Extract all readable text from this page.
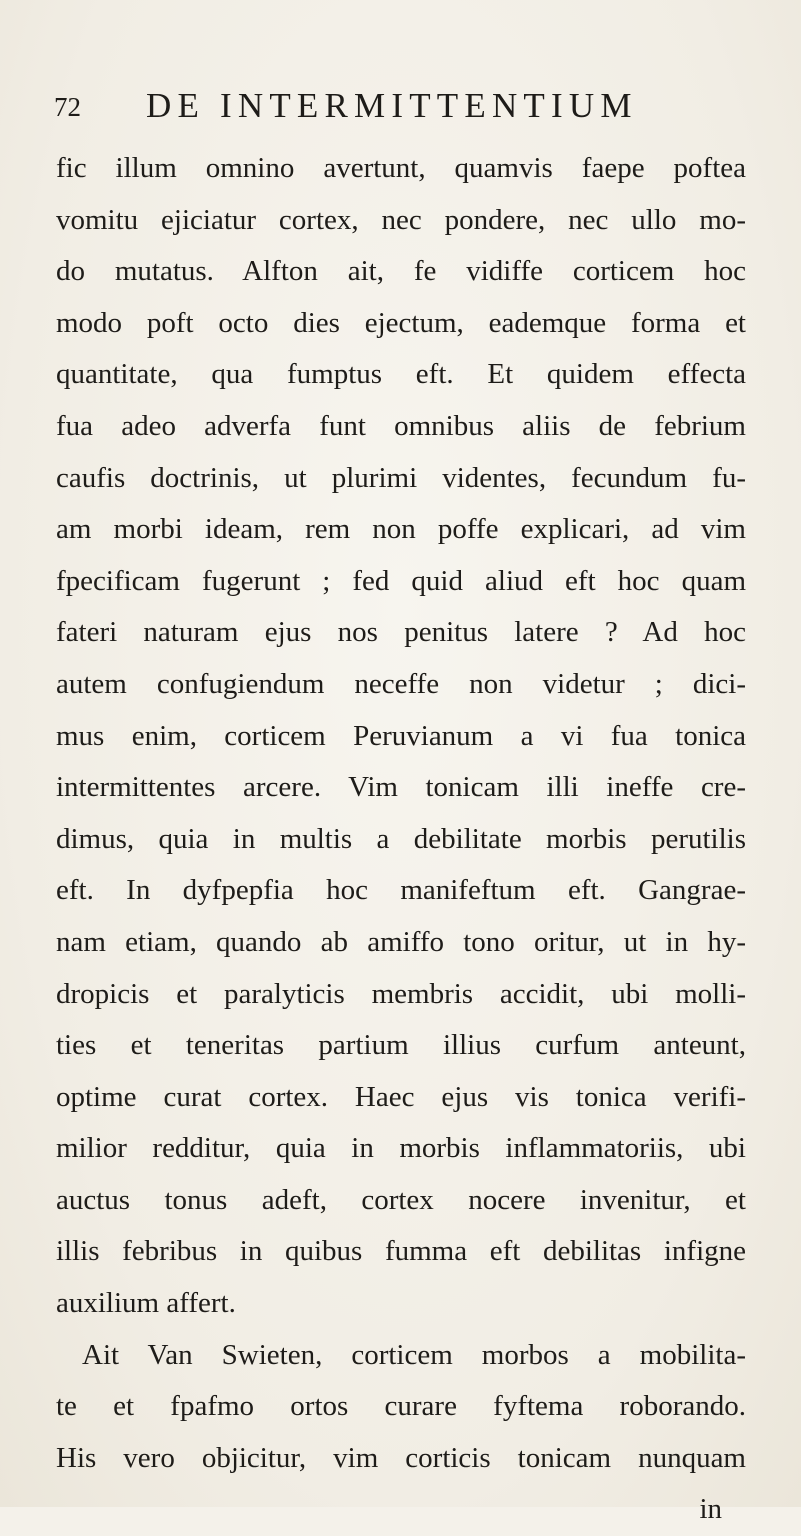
72 DE INTERMITTENTIUM
fic illum omnino avertunt, quamvis faepe poftea
vomitu ejiciatur cortex, nec pondere, nec ullo mo-
do mutatus. Alfton ait, fe vidiffe corticem hoc
modo poft octo dies ejectum, eademque forma et
quantitate, qua fumptus eft. Et quidem effecta
fua adeo adverfa funt omnibus aliis de febrium
caufis doctrinis, ut plurimi videntes, fecundum fu-
am morbi ideam, rem non poffe explicari, ad vim
fpecificam fugerunt ; fed quid aliud eft hoc quam
fateri naturam ejus nos penitus latere ? Ad hoc
autem confugiendum neceffe non videtur ; dici-
mus enim, corticem Peruvianum a vi fua tonica
intermittentes arcere. Vim tonicam illi ineffe cre-
dimus, quia in multis a debilitate morbis perutilis
eft. In dyfpepfia hoc manifeftum eft. Gangrae-
nam etiam, quando ab amiffo tono oritur, ut in hy-
dropicis et paralyticis membris accidit, ubi molli-
ties et teneritas partium illius curfum anteunt,
optime curat cortex. Haec ejus vis tonica verifi-
milior redditur, quia in morbis inflammatoriis, ubi
auctus tonus adeft, cortex nocere invenitur, et
illis febribus in quibus fumma eft debilitas infigne
auxilium affert.
Ait Van Swieten, corticem morbos a mobilita-
te et fpafmo ortos curare fyftema roborando.
His vero objicitur, vim corticis tonicam nunquam
in
